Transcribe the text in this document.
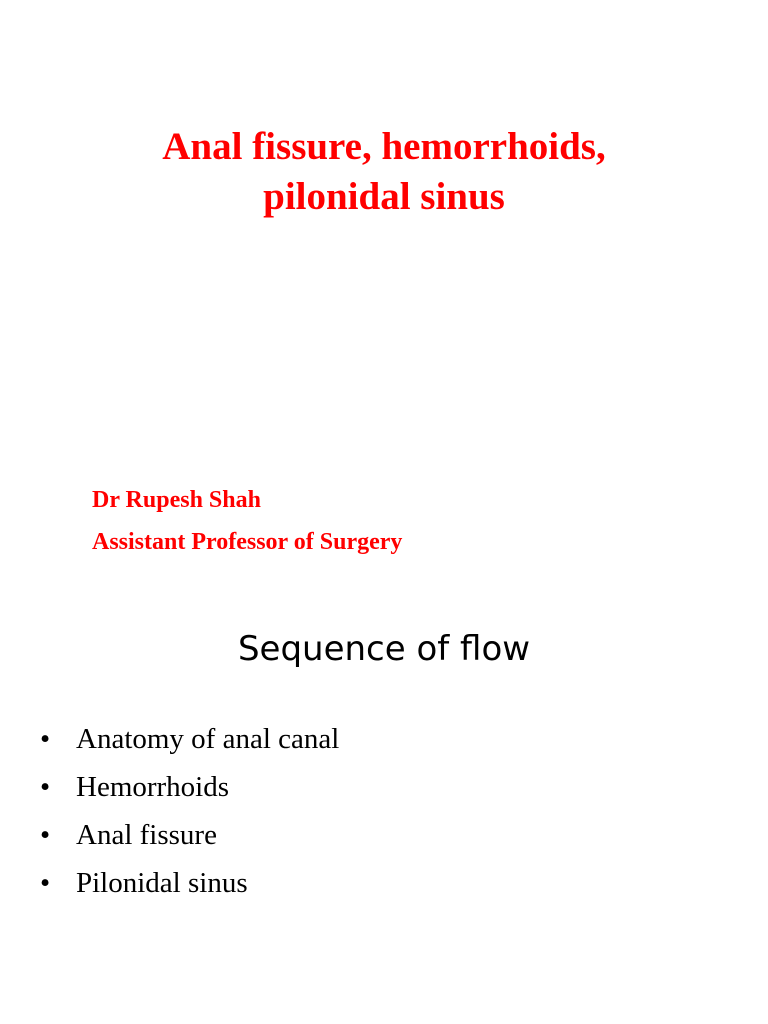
Anal fissure, hemorrhoids,
pilonidal sinus
Dr Rupesh Shah
Assistant Professor of Surgery
Sequence of flow
• Anatomy of anal canal
• Hemorrhoids
• Anal fissure
• Pilonidal sinus
